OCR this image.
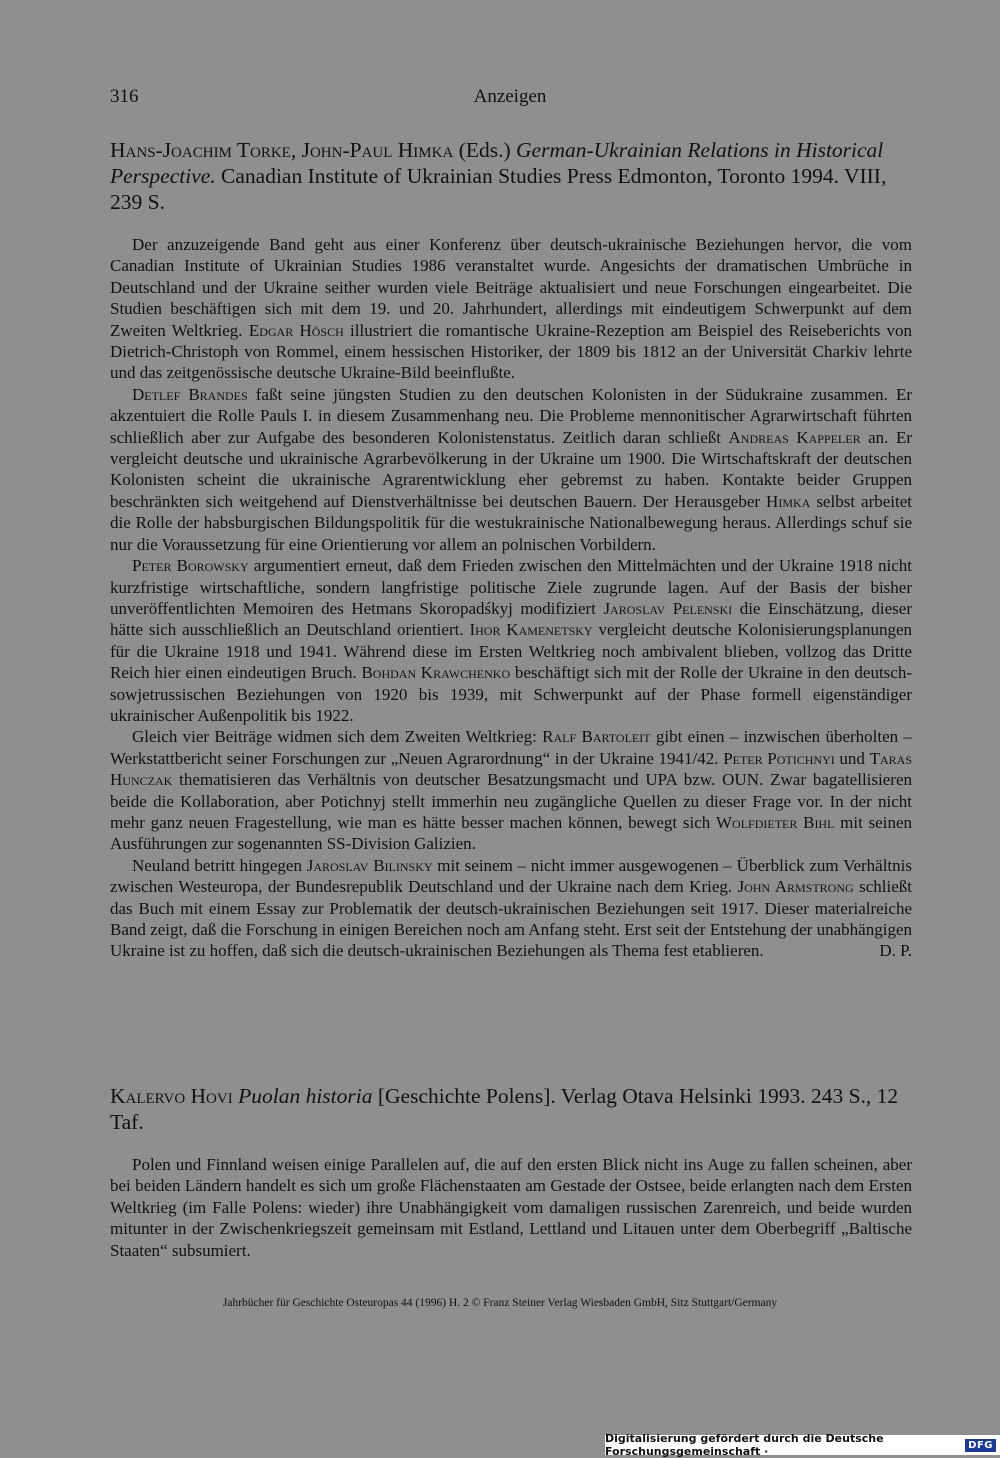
316	Anzeigen
Hans-Joachim Torke, John-Paul Himka (Eds.) German-Ukrainian Relations in Historical Perspective. Canadian Institute of Ukrainian Studies Press Edmonton, Toronto 1994. VIII, 239 S.

Der anzuzeigende Band geht aus einer Konferenz über deutsch-ukrainische Beziehungen hervor, die vom Canadian Institute of Ukrainian Studies 1986 veranstaltet wurde. Angesichts der dramatischen Umbrüche in Deutschland und der Ukraine seither wurden viele Beiträge aktualisiert und neue Forschungen eingearbeitet. Die Studien beschäftigen sich mit dem 19. und 20. Jahrhundert, allerdings mit eindeutigem Schwerpunkt auf dem Zweiten Weltkrieg. Edgar Hösch illustriert die romantische Ukraine-Rezeption am Beispiel des Reiseberichts von Dietrich-Christoph von Rommel, einem hessischen Historiker, der 1809 bis 1812 an der Universität Charkiv lehrte und das zeitgenössische deutsche Ukraine-Bild beeinflußte.

Detlef Brandes faßt seine jüngsten Studien zu den deutschen Kolonisten in der Südukraine zusammen. Er akzentuiert die Rolle Pauls I. in diesem Zusammenhang neu. Die Probleme mennonitischer Agrarwirtschaft führten schließlich aber zur Aufgabe des besonderen Kolonistenstatus. Zeitlich daran schließt Andreas Kappeler an. Er vergleicht deutsche und ukrainische Agrarbevölkerung in der Ukraine um 1900. Die Wirtschaftskraft der deutschen Kolonisten scheint die ukrainische Agrarentwicklung eher gebremst zu haben. Kontakte beider Gruppen beschränkten sich weitgehend auf Dienstverhältnisse bei deutschen Bauern. Der Herausgeber Himka selbst arbeitet die Rolle der habsburgischen Bildungspolitik für die westukrainische Nationalbewegung heraus. Allerdings schuf sie nur die Voraussetzung für eine Orientierung vor allem an polnischen Vorbildern.

Peter Borowsky argumentiert erneut, daß dem Frieden zwischen den Mittelmächten und der Ukraine 1918 nicht kurzfristige wirtschaftliche, sondern langfristige politische Ziele zugrunde lagen. Auf der Basis der bisher unveröffentlichten Memoiren des Hetmans Skoropadśkyj modifiziert Jaroslav Pelenski die Einschätzung, dieser hätte sich ausschließlich an Deutschland orientiert. Ihor Kamenetsky vergleicht deutsche Kolonisierungsplanungen für die Ukraine 1918 und 1941. Während diese im Ersten Weltkrieg noch ambivalent blieben, vollzog das Dritte Reich hier einen eindeutigen Bruch. Bohdan Krawchenko beschäftigt sich mit der Rolle der Ukraine in den deutsch-sowjetrussischen Beziehungen von 1920 bis 1939, mit Schwerpunkt auf der Phase formell eigenständiger ukrainischer Außenpolitik bis 1922.

Gleich vier Beiträge widmen sich dem Zweiten Weltkrieg: Ralf Bartoleit gibt einen – inzwischen überholten – Werkstattbericht seiner Forschungen zur „Neuen Agrarordnung“ in der Ukraine 1941/42. Peter Potichnyi und Taras Hunczak thematisieren das Verhältnis von deutscher Besatzungsmacht und UPA bzw. OUN. Zwar bagatellisieren beide die Kollaboration, aber Potichnyj stellt immerhin neu zugängliche Quellen zu dieser Frage vor. In der nicht mehr ganz neuen Fragestellung, wie man es hätte besser machen können, bewegt sich Wolfdieter Bihl mit seinen Ausführungen zur sogenannten SS-Division Galizien.

Neuland betritt hingegen Jaroslav Bilinsky mit seinem – nicht immer ausgewogenen – Überblick zum Verhältnis zwischen Westeuropa, der Bundesrepublik Deutschland und der Ukraine nach dem Krieg. John Armstrong schließt das Buch mit einem Essay zur Problematik der deutsch-ukrainischen Beziehungen seit 1917. Dieser materialreiche Band zeigt, daß die Forschung in einigen Bereichen noch am Anfang steht. Erst seit der Entstehung der unabhängigen Ukraine ist zu hoffen, daß sich die deutsch-ukrainischen Beziehungen als Thema fest etablieren.	D. P.

Kalervo Hovi Puolan historia [Geschichte Polens]. Verlag Otava Helsinki 1993. 243 S., 12 Taf.

Polen und Finnland weisen einige Parallelen auf, die auf den ersten Blick nicht ins Auge zu fallen scheinen, aber bei beiden Ländern handelt es sich um große Flächenstaaten am Gestade der Ostsee, beide erlangten nach dem Ersten Weltkrieg (im Falle Polens: wieder) ihre Unabhängigkeit vom damaligen russischen Zarenreich, und beide wurden mitunter in der Zwischenkriegszeit gemeinsam mit Estland, Lettland und Litauen unter dem Oberbegriff „Baltische Staaten“ subsumiert.

Jahrbücher für Geschichte Osteuropas 44 (1996) H. 2 © Franz Steiner Verlag Wiesbaden GmbH, Sitz Stuttgart/Germany
Digitalisierung gefördert durch die Deutsche Forschungsgemeinschaft ·	DFG
